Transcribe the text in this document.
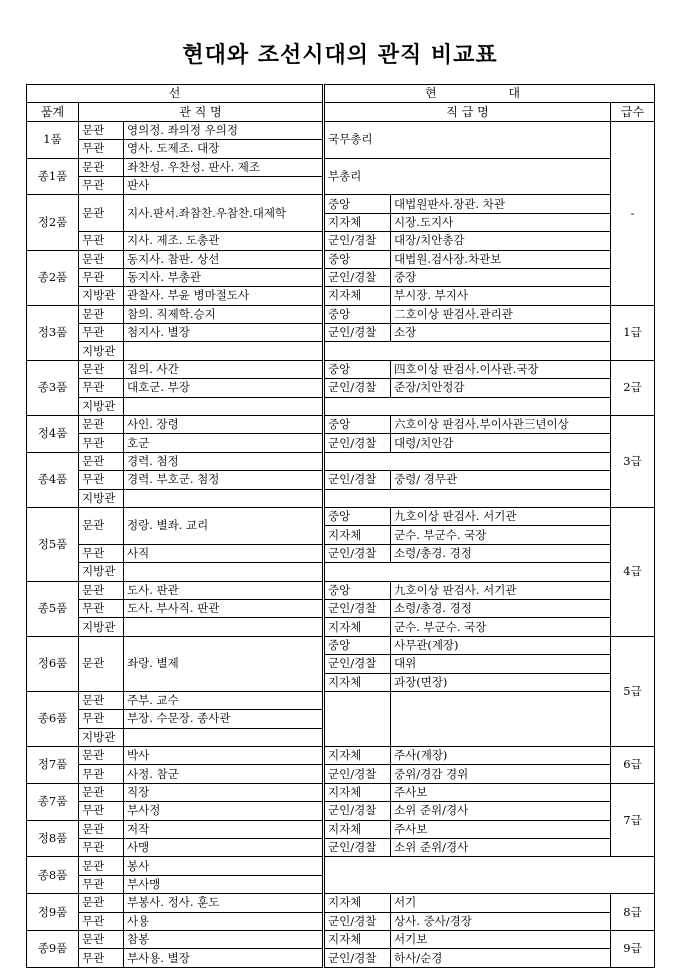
현대와 조선시대의 관직 비교표
선			현 대		
품계	관 직 명		직 급 명		급수
1품	문관	영의정. 좌의정 우의정	국무총리		-
	무관	영사. 도제조. 대장			
종1품	문관	좌찬성. 우찬성. 판사. 제조	부총리		
	무관	판사			
정2품	문관	지사.판서.좌참찬.우참찬.대제학	중앙	대법원판사.장관. 차관	
			지자체	시장.도지사	
	무관	지사. 제조. 도총관	군인/경찰	대장/치안총감	
종2품	문관	동지사. 참판. 상선	중앙	대법원.검사장.차관보	
	무관	동지사. 부총관	군인/경찰	중장	
	지방관	관찰사. 부윤 병마절도사	지자체	부시장. 부지사	
정3품	문관	참의. 직제학.승지	중앙	二호이상 판검사.관리관	1급
	무관	첨지사. 별장	군인/경찰	소장	
	지방관				
종3품	문관	집의. 사간	중앙	四호이상 판검사.이사관.국장	2급
	무관	대호군. 부장	군인/경찰	준장/치안정감	
	지방관				
정4품	문관	사인. 장령	중앙	六호이상 판검사.부이사관三년이상	3급
	무관	호군	군인/경찰	대령/치안감	
종4품	문관	경력. 첨정			
	무관	경력. 부호군. 첨정	군인/경찰	중령/ 경무관	
	지방관				
정5품	문관	정랑. 별좌. 교리	중앙	九호이상 판검사. 서기관	4급
			지자체	군수. 부군수. 국장	
	무관	사직	군인/경찰	소령/총경. 경정	
	지방관				
종5품	문관	도사. 판관	중앙	九호이상 판검사. 서기관	
	무관	도사. 부사직. 판관	군인/경찰	소령/총경. 경정	
	지방관		지자체	군수. 부군수. 국장	
정6품	문관	좌랑. 별제	중앙	사무관(계장)	5급
			군인/경찰	대위	
			지자체	과장(면장)	
종6품	문관	주부. 교수			
	무관	부장. 수문장. 종사관			
	지방관				
정7품	문관	박사	지자체	주사(계장)	6급
	무관	사정. 참군	군인/경찰	중위/경감 경위	
종7품	문관	직장	지자체	주사보	7급
	무관	부사정	군인/경찰	소위 준위/경사	
정8품	문관	저작	지자체	주사보	
	무관	사맹	군인/경찰	소위 준위/경사	
종8품	문관	봉사			
	무관	부사맹			
정9품	문관	부봉사. 정사. 훈도	지자체	서기	8급
	무관	사용	군인/경찰	상사. 중사/경장	
종9품	문관	참봉	지자체	서기보	9급
	무관	부사용. 별장	군인/경찰	하사/순경	
